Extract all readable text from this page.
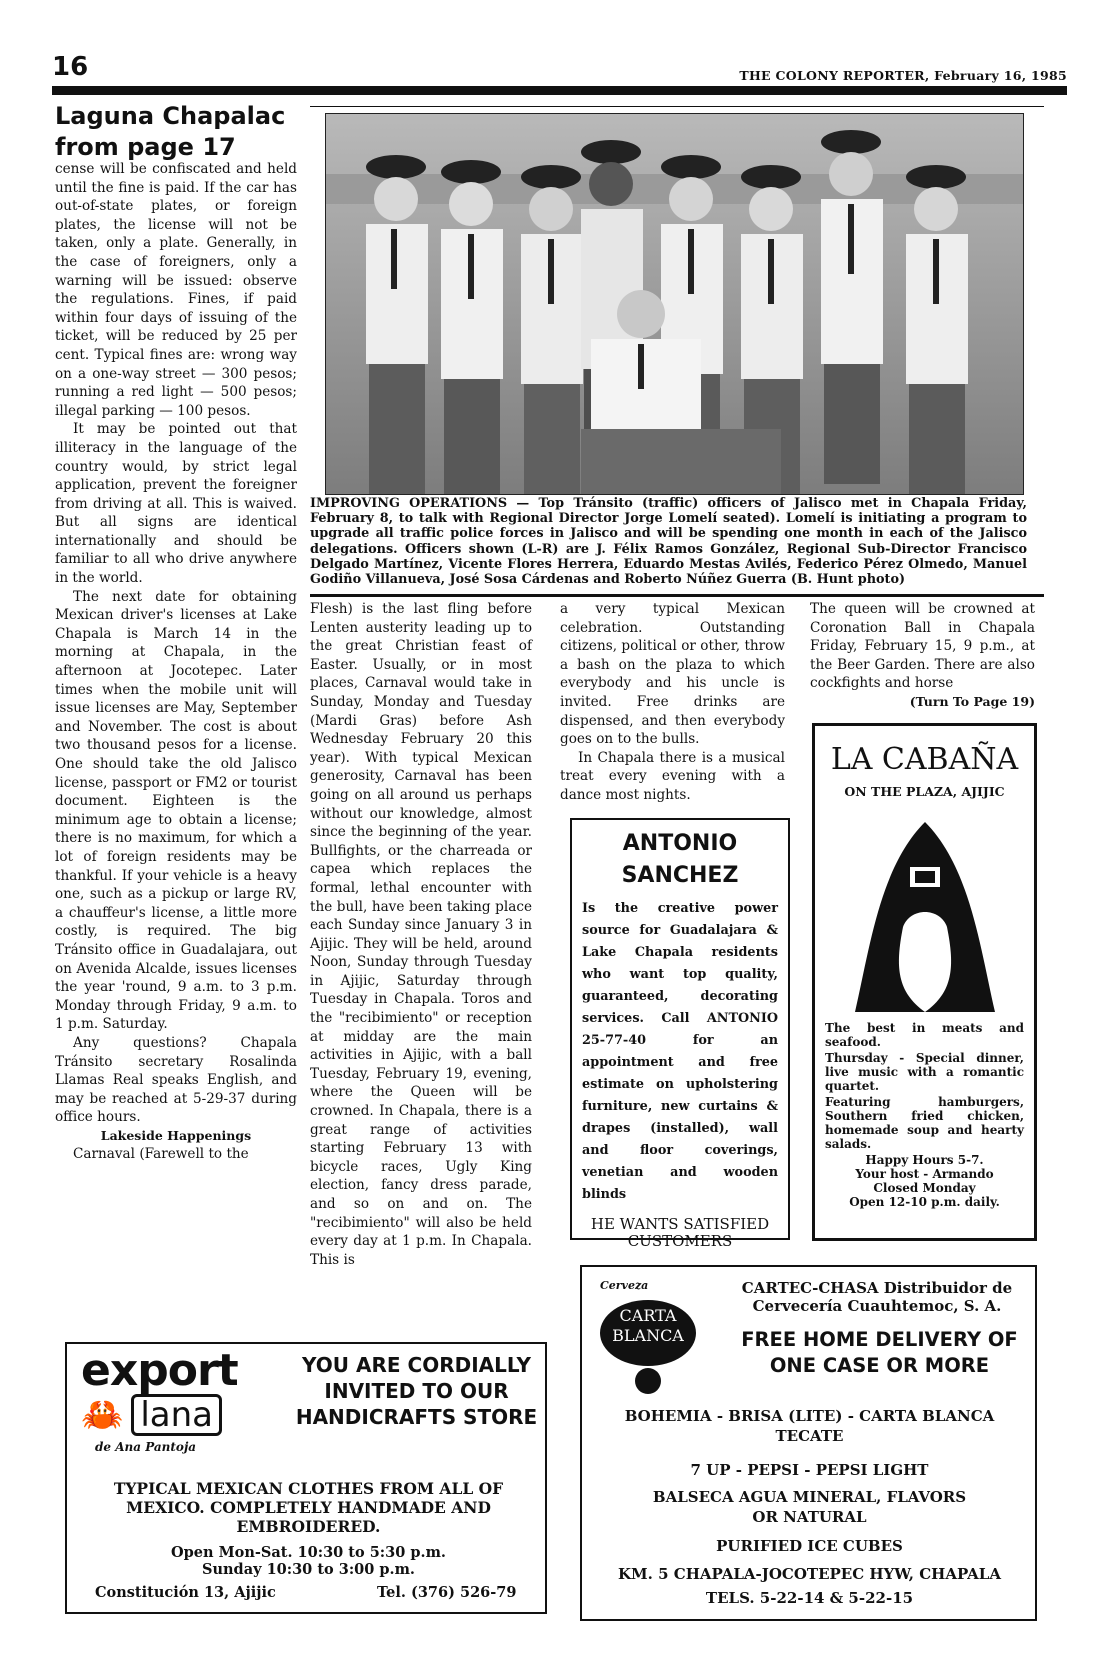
16	THE COLONY REPORTER, February 16, 1985
Laguna Chapalac
from page 17

cense will be confiscated and held until the fine is paid. If the car has out-of-state plates, or foreign plates, the license will not be taken, only a plate. Generally, in the case of foreigners, only a warning will be issued: observe the regulations. Fines, if paid within four days of issuing of the ticket, will be reduced by 25 per cent. Typical fines are: wrong way on a one-way street — 300 pesos; running a red light — 500 pesos; illegal parking — 100 pesos.

It may be pointed out that illiteracy in the language of the country would, by strict legal application, prevent the foreigner from driving at all. This is waived. But all signs are identical internationally and should be familiar to all who drive anywhere in the world.

The next date for obtaining Mexican driver's licenses at Lake Chapala is March 14 in the morning at Chapala, in the afternoon at Jocotepec. Later times when the mobile unit will issue licenses are May, September and November. The cost is about two thousand pesos for a license. One should take the old Jalisco license, passport or FM2 or tourist document. Eighteen is the minimum age to obtain a license; there is no maximum, for which a lot of foreign residents may be thankful. If your vehicle is a heavy one, such as a pickup or large RV, a chauffeur's license, a little more costly, is required. The big Tránsito office in Guadalajara, out on Avenida Alcalde, issues licenses the year 'round, 9 a.m. to 3 p.m. Monday through Friday, 9 a.m. to 1 p.m. Saturday.

Any questions? Chapala Tránsito secretary Rosalinda Llamas Real speaks English, and may be reached at 5-29-37 during office hours.

Lakeside Happenings

Carnaval (Farewell to the

IMPROVING OPERATIONS — Top Tránsito (traffic) officers of Jalisco met in Chapala Friday, February 8, to talk with Regional Director Jorge Lomelí seated). Lomelí is initiating a program to upgrade all traffic police forces in Jalisco and will be spending one month in each of the Jalisco delegations. Officers shown (L-R) are J. Félix Ramos González, Regional Sub-Director Francisco Delgado Martínez, Vicente Flores Herrera, Eduardo Mestas Avilés, Federico Pérez Olmedo, Manuel Godiño Villanueva, José Sosa Cárdenas and Roberto Núñez Guerra (B. Hunt photo)

Flesh) is the last fling before Lenten austerity leading up to the great Christian feast of Easter. Usually, or in most places, Carnaval would take in Sunday, Monday and Tuesday (Mardi Gras) before Ash Wednesday February 20 this year). With typical Mexican generosity, Carnaval has been going on all around us perhaps without our knowledge, almost since the beginning of the year. Bullfights, or the charreada or capea which replaces the formal, lethal encounter with the bull, have been taking place each Sunday since January 3 in Ajijic. They will be held, around Noon, Sunday through Tuesday in Ajijic, Saturday through Tuesday in Chapala. Toros and the "recibimiento" or reception at midday are the main activities in Ajijic, with a ball Tuesday, February 19, evening, where the Queen will be crowned. In Chapala, there is a great range of activities starting February 13 with bicycle races, Ugly King election, fancy dress parade, and so on and on. The "recibimiento" will also be held every day at 1 p.m. In Chapala. This is

a very typical Mexican celebration. Outstanding citizens, political or other, throw a bash on the plaza to which everybody and his uncle is invited. Free drinks are dispensed, and then everybody goes on to the bulls.

In Chapala there is a musical treat every evening with a dance most nights.

The queen will be crowned at Coronation Ball in Chapala Friday, February 15, 9 p.m., at the Beer Garden. There are also cockfights and horse

(Turn To Page 19)
ANTONIO
SANCHEZ
Is the creative power source for Guadalajara & Lake Chapala residents who want top quality, guaranteed, decorating services. Call ANTONIO 25-77-40 for an appointment and free estimate on upholstering furniture, new curtains & drapes (installed), wall and floor coverings, venetian and wooden blinds
HE WANTS SATISFIED CUSTOMERS
LA CABAÑA
ON THE PLAZA, AJIJIC
The best in meats and seafood.
Thursday - Special dinner, live music with a romantic quartet.
Featuring hamburgers, Southern fried chicken, homemade soup and hearty salads.
Happy Hours 5-7.
Your host - Armando
Closed Monday
Open 12-10 p.m. daily.
export
🦀 lana
de Ana Pantoja
YOU ARE CORDIALLY INVITED TO OUR HANDICRAFTS STORE
TYPICAL MEXICAN CLOTHES FROM ALL OF MEXICO. COMPLETELY HANDMADE AND EMBROIDERED.
Open Mon-Sat. 10:30 to 5:30 p.m.
Sunday 10:30 to 3:00 p.m.
Constitución 13, Ajijic	Tel. (376) 526-79
Cerveza
CARTA
BLANCA
CARTEC-CHASA Distribuidor de
Cervecería Cuauhtemoc, S. A.
FREE HOME DELIVERY OF ONE CASE OR MORE
BOHEMIA - BRISA (LITE) - CARTA BLANCA
TECATE
7 UP - PEPSI - PEPSI LIGHT
BALSECA AGUA MINERAL, FLAVORS
OR NATURAL
PURIFIED ICE CUBES
KM. 5 CHAPALA-JOCOTEPEC HYW, CHAPALA
TELS. 5-22-14 & 5-22-15
